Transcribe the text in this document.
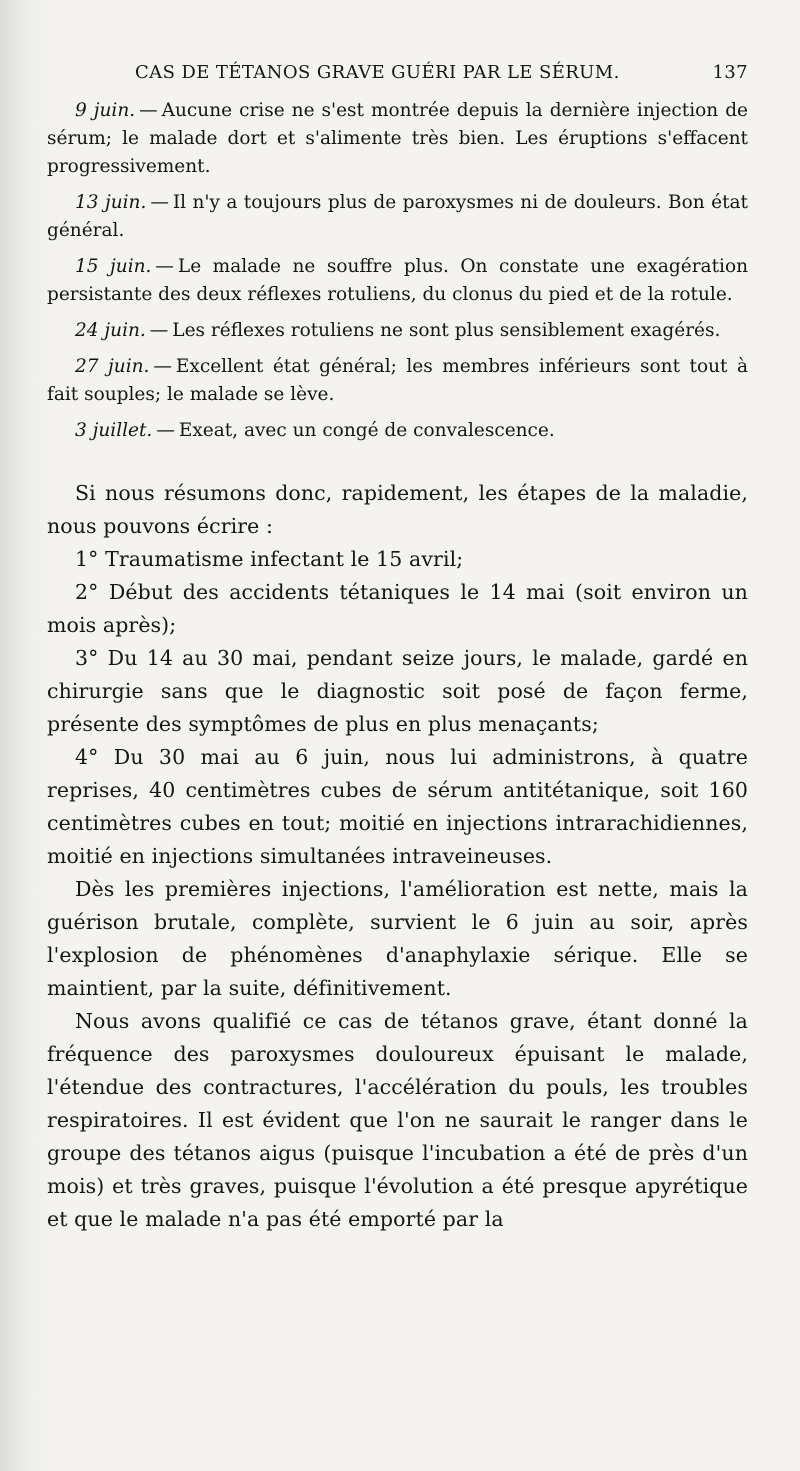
CAS DE TÉTANOS GRAVE GUÉRI PAR LE SÉRUM.	137

9 juin. — Aucune crise ne s'est montrée depuis la dernière injection de sérum; le malade dort et s'alimente très bien. Les éruptions s'effacent progressivement.

13 juin. — Il n'y a toujours plus de paroxysmes ni de douleurs. Bon état général.

15 juin. — Le malade ne souffre plus. On constate une exagération persistante des deux réflexes rotuliens, du clonus du pied et de la rotule.

24 juin. — Les réflexes rotuliens ne sont plus sensiblement exagérés.

27 juin. — Excellent état général; les membres inférieurs sont tout à fait souples; le malade se lève.

3 juillet. — Exeat, avec un congé de convalescence.

Si nous résumons donc, rapidement, les étapes de la maladie, nous pouvons écrire :

1° Traumatisme infectant le 15 avril;

2° Début des accidents tétaniques le 14 mai (soit environ un mois après);

3° Du 14 au 30 mai, pendant seize jours, le malade, gardé en chirurgie sans que le diagnostic soit posé de façon ferme, présente des symptômes de plus en plus menaçants;

4° Du 30 mai au 6 juin, nous lui administrons, à quatre reprises, 40 centimètres cubes de sérum antitétanique, soit 160 centimètres cubes en tout; moitié en injections intrarachidiennes, moitié en injections simultanées intraveineuses.

Dès les premières injections, l'amélioration est nette, mais la guérison brutale, complète, survient le 6 juin au soir, après l'explosion de phénomènes d'anaphylaxie sérique. Elle se maintient, par la suite, définitivement.

Nous avons qualifié ce cas de tétanos grave, étant donné la fréquence des paroxysmes douloureux épuisant le malade, l'étendue des contractures, l'accélération du pouls, les troubles respiratoires. Il est évident que l'on ne saurait le ranger dans le groupe des tétanos aigus (puisque l'incubation a été de près d'un mois) et très graves, puisque l'évolution a été presque apyrétique et que le malade n'a pas été emporté par la
